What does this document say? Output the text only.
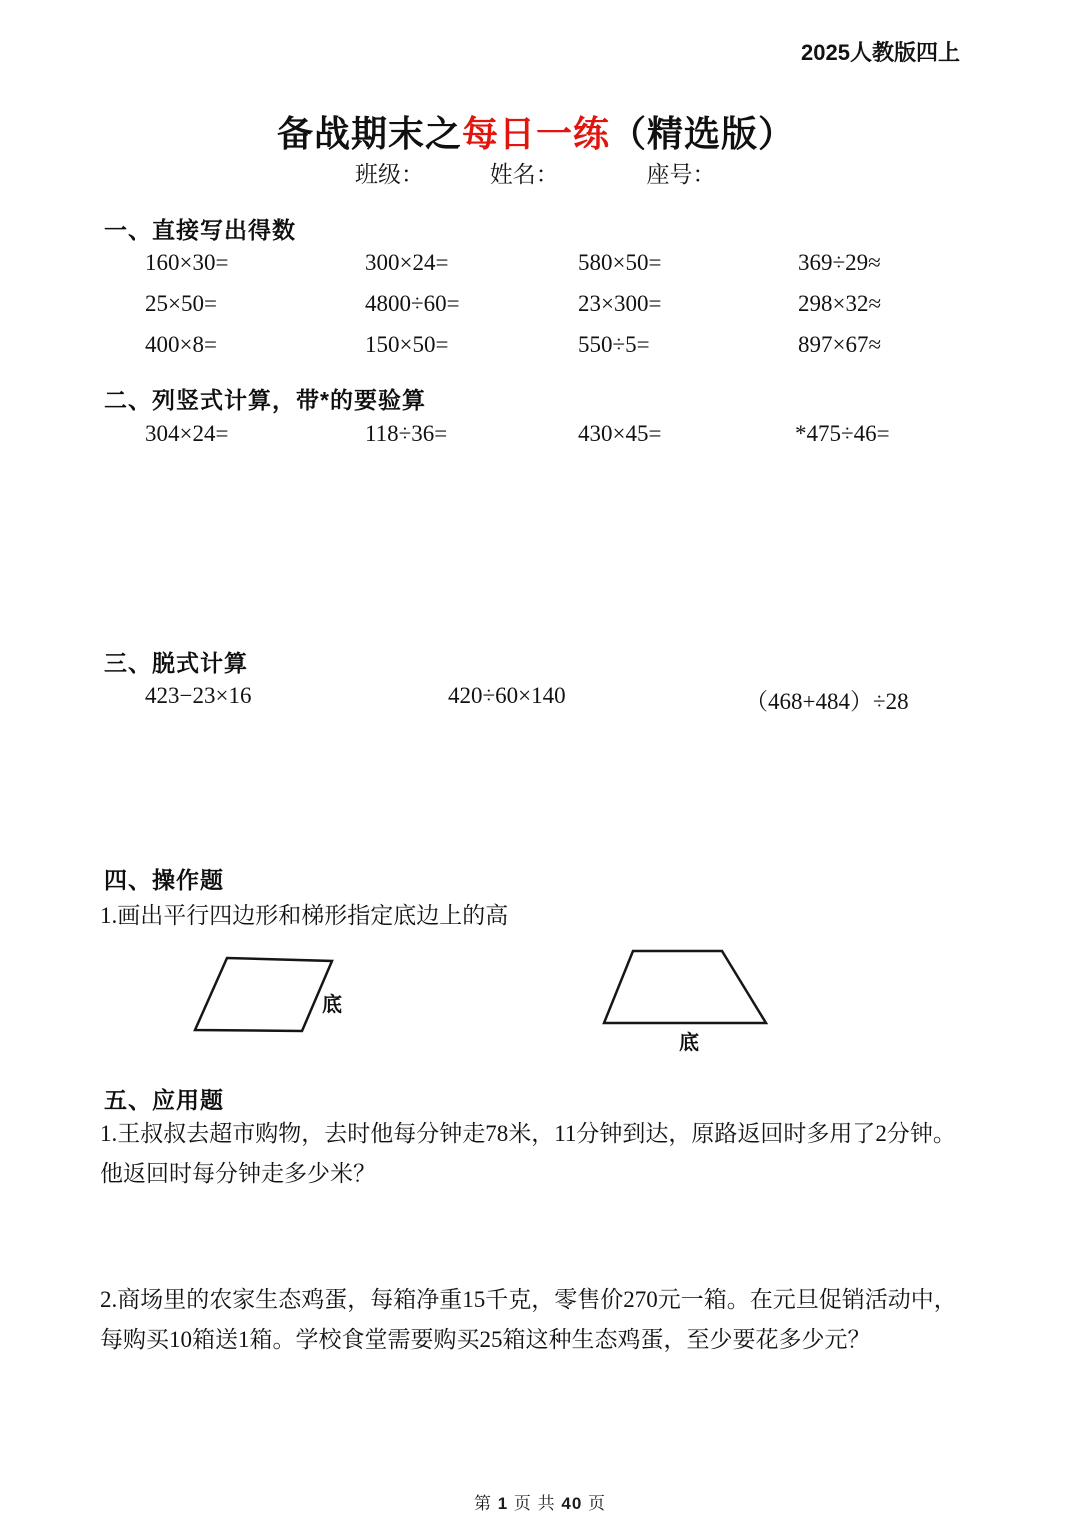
2025人教版四上
备战期末之每日一练（精选版）
班级：	姓名：	座号：
一、直接写出得数
160×30=	300×24=	580×50=	369÷29≈
25×50=	4800÷60=	23×300=	298×32≈
400×8=	150×50=	550÷5=	897×67≈
二、列竖式计算，带*的要验算
304×24=	118÷36=	430×45=	*475÷46=
三、脱式计算
423−23×16	420÷60×140	（468+484）÷28
四、操作题
1.画出平行四边形和梯形指定底边上的高
底
底
五、应用题
1.王叔叔去超市购物，去时他每分钟走78米，11分钟到达，原路返回时多用了2分钟。
他返回时每分钟走多少米？
2.商场里的农家生态鸡蛋，每箱净重15千克，零售价270元一箱。在元旦促销活动中，
每购买10箱送1箱。学校食堂需要购买25箱这种生态鸡蛋，至少要花多少元？
第 1 页 共 40 页
